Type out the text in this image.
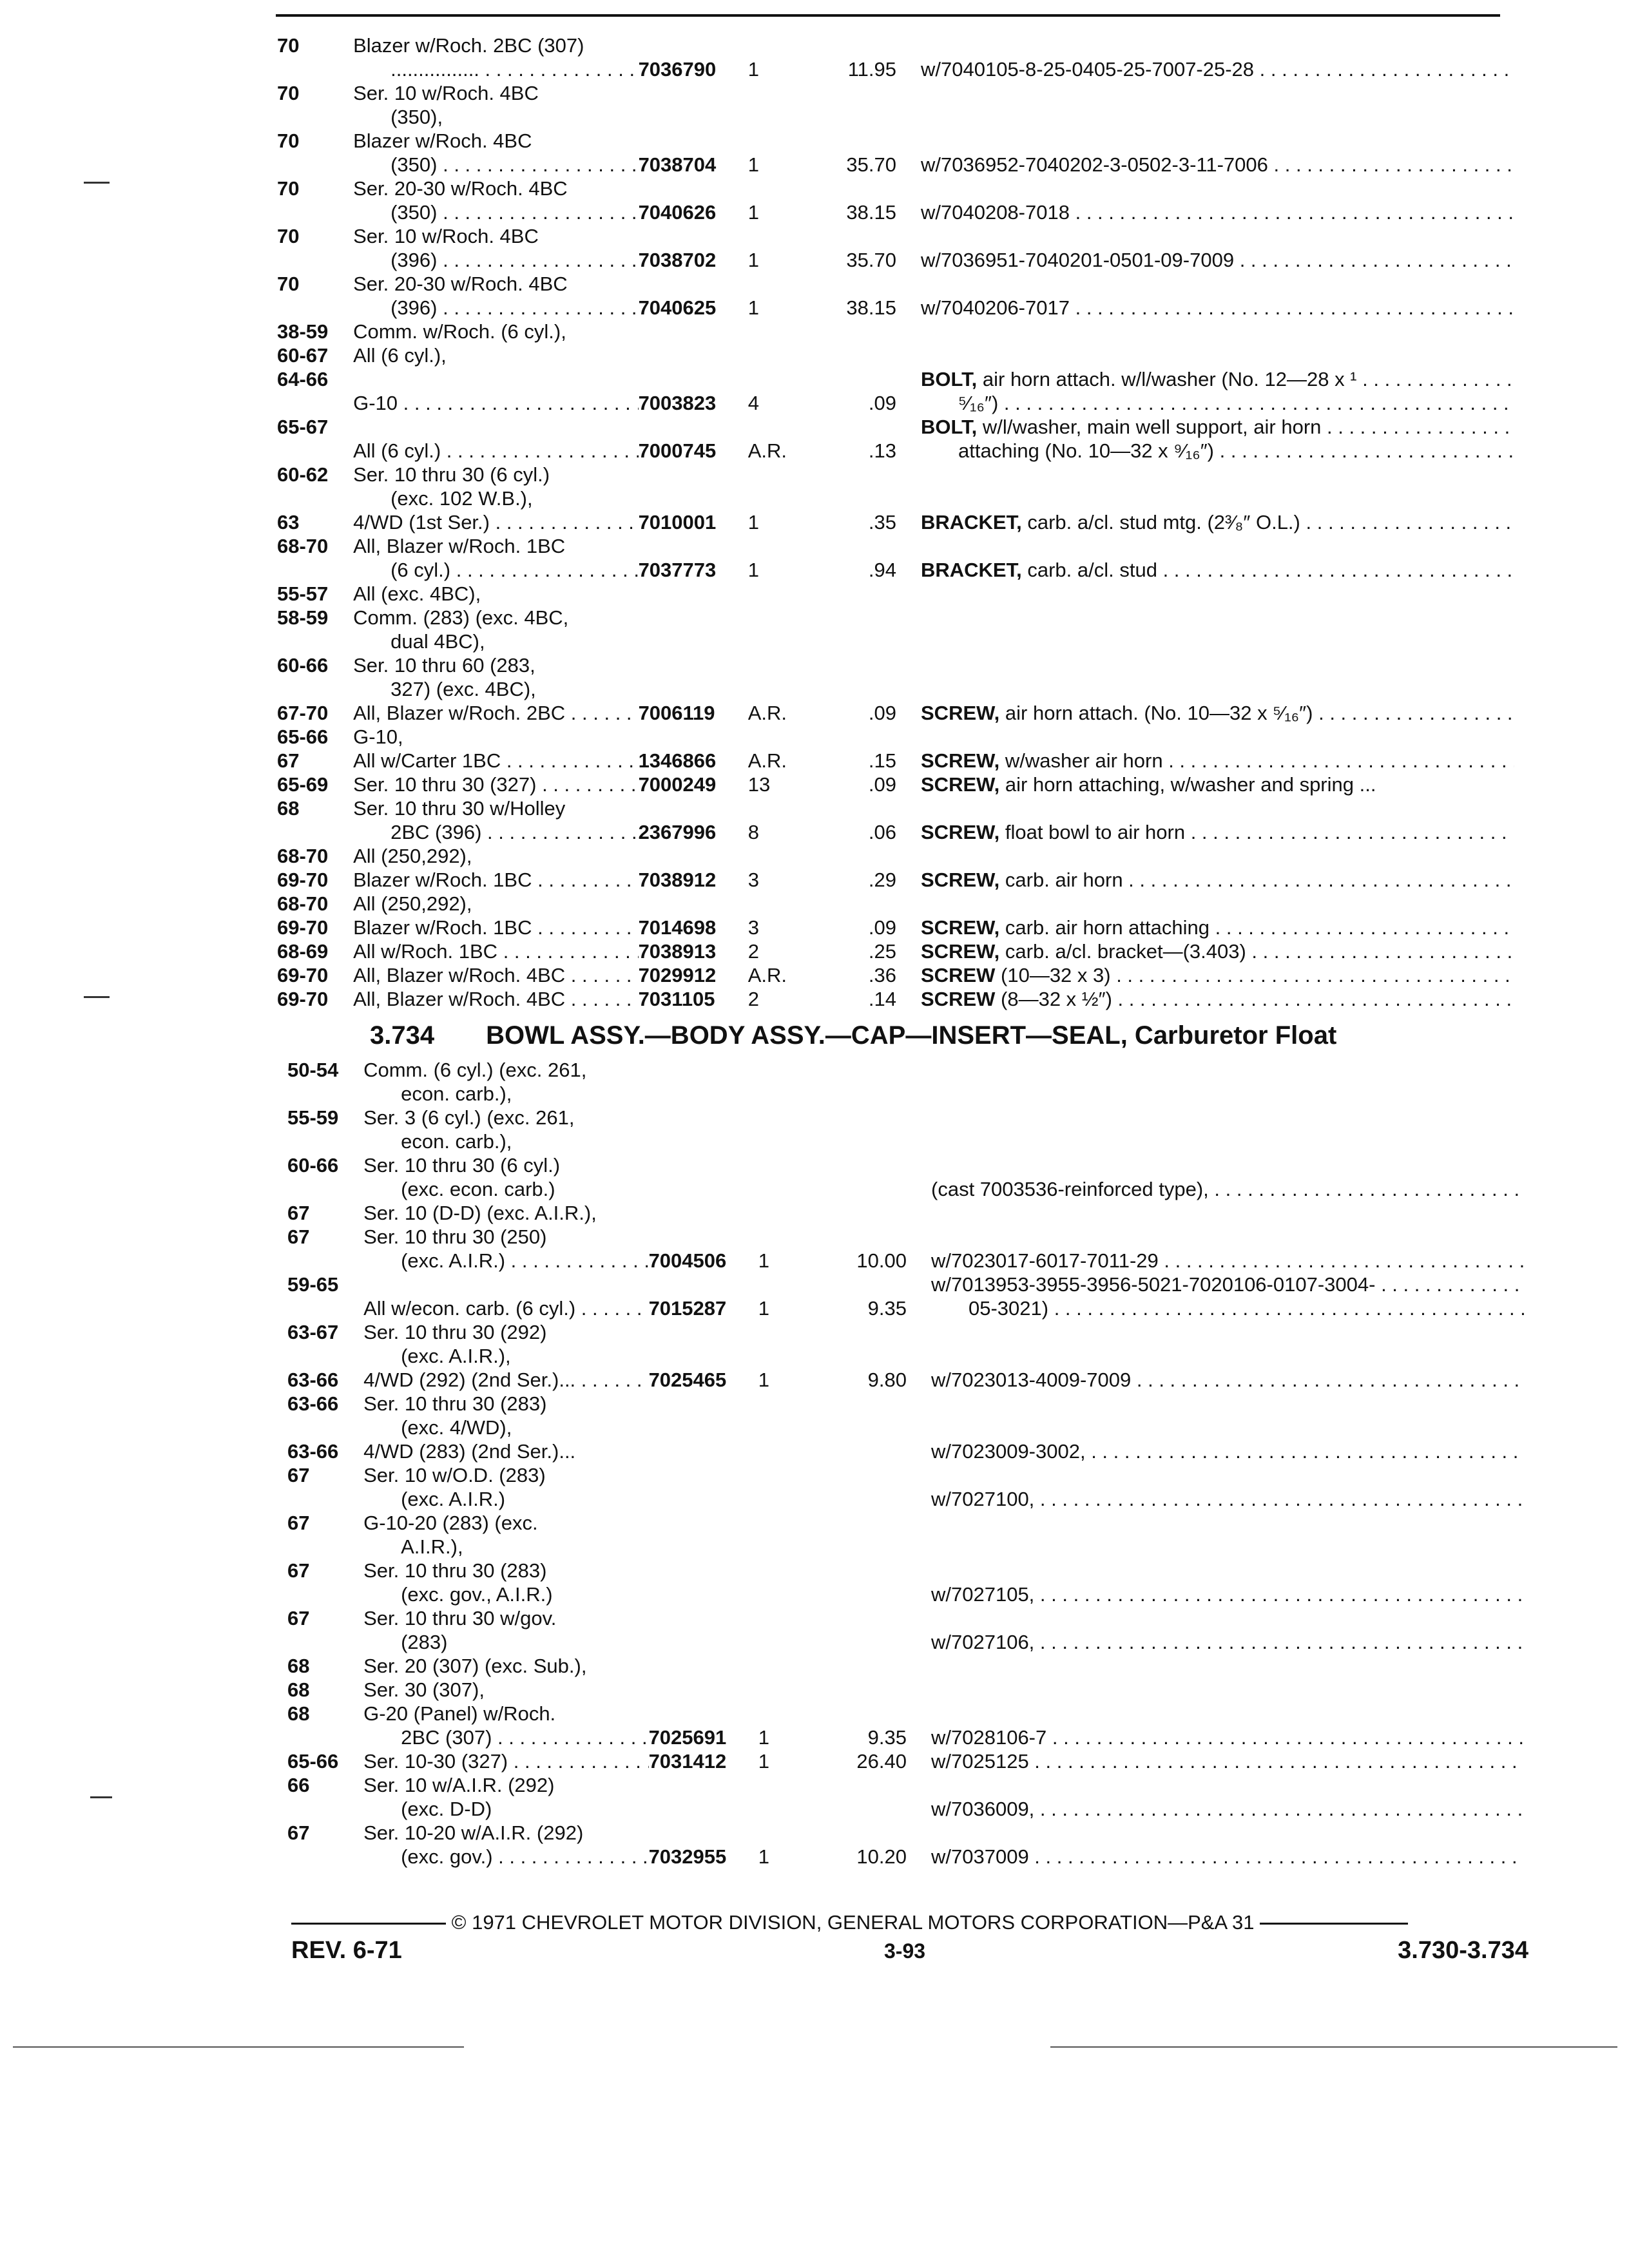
70	Blazer w/Roch. 2BC (307)
................ . . .	7036790	1	11.95	w/7040105-8-25-0405-25-7007-25-28 . . .

70	Ser. 10 w/Roch. 4BC
(350),				

70	Blazer w/Roch. 4BC
(350) . . .	7038704	1	35.70	w/7036952-7040202-3-0502-3-11-7006 . . .

70	Ser. 20-30 w/Roch. 4BC
(350) . . .	7040626	1	38.15	w/7040208-7018 . . .

70	Ser. 10 w/Roch. 4BC
(396) . . .	7038702	1	35.70	w/7036951-7040201-0501-09-7009 . . .

70	Ser. 20-30 w/Roch. 4BC
(396) . . .	7040625	1	38.15	w/7040206-7017 . . .

38-59	Comm. w/Roch. (6 cyl.),				

60-67	All (6 cyl.),				

64-66	G-10 . . .	7003823	4	.09	BOLT, air horn attach. w/l/washer (No. 12—28 x ¹ . . .
⁵⁄₁₆″) . . .

65-67	All (6 cyl.) . . .	7000745	A.R.	.13	BOLT, w/l/washer, main well support, air horn . . .
attaching (No. 10—32 x ⁹⁄₁₆″) . . .

60-62	Ser. 10 thru 30 (6 cyl.)
(exc. 102 W.B.),				

63	4/WD (1st Ser.) . . .	7010001	1	.35	BRACKET, carb. a/cl. stud mtg. (2³⁄₈″ O.L.) . . .

68-70	All, Blazer w/Roch. 1BC
(6 cyl.) . . .	7037773	1	.94	BRACKET, carb. a/cl. stud . . .

55-57	All (exc. 4BC),				

58-59	Comm. (283) (exc. 4BC,
dual 4BC),				

60-66	Ser. 10 thru 60 (283,
327) (exc. 4BC),				

67-70	All, Blazer w/Roch. 2BC . . . .	7006119	A.R.	.09	SCREW, air horn attach. (No. 10—32 x ⁵⁄₁₆″) . . .

65-66	G-10,				

67	All w/Carter 1BC . . .	1346866	A.R.	.15	SCREW, w/washer air horn . . .

65-69	Ser. 10 thru 30 (327) . . .	7000249	13	.09	SCREW, air horn attaching, w/washer and spring ...

68	Ser. 10 thru 30 w/Holley
2BC (396) . . .	2367996	8	.06	SCREW, float bowl to air horn . . .

68-70	All (250,292),				

69-70	Blazer w/Roch. 1BC . . .	7038912	3	.29	SCREW, carb. air horn . . .

68-70	All (250,292),				

69-70	Blazer w/Roch. 1BC . . .	7014698	3	.09	SCREW, carb. air horn attaching . . .

68-69	All w/Roch. 1BC . . .	7038913	2	.25	SCREW, carb. a/cl. bracket—(3.403) . . .

69-70	All, Blazer w/Roch. 4BC . . . .	7029912	A.R.	.36	SCREW (10—32 x 3) . . .

69-70	All, Blazer w/Roch. 4BC . . . .	7031105	2	.14	SCREW (8—32 x ½″) . . .
3.734 BOWL ASSY.—BODY ASSY.—CAP—INSERT—SEAL, Carburetor Float
50-54	Comm. (6 cyl.) (exc. 261,
econ. carb.),				

55-59	Ser. 3 (6 cyl.) (exc. 261,
econ. carb.),				

60-66	Ser. 10 thru 30 (6 cyl.)
(exc. econ. carb.)				(cast 7003536-reinforced type), . . .

67	Ser. 10 (D-D) (exc. A.I.R.),				

67	Ser. 10 thru 30 (250)
(exc. A.I.R.) . . .	7004506	1	10.00	w/7023017-6017-7011-29 . . .

59-65	All w/econ. carb. (6 cyl.) . . . .	7015287	1	9.35	w/7013953-3955-3956-5021-7020106-0107-3004- . . .
05-3021) . . .

63-67	Ser. 10 thru 30 (292)
(exc. A.I.R.),				

63-66	4/WD (292) (2nd Ser.)... . . .	7025465	1	9.80	w/7023013-4009-7009 . . .

63-66	Ser. 10 thru 30 (283)
(exc. 4/WD),				

63-66	4/WD (283) (2nd Ser.)...				w/7023009-3002, . . .

67	Ser. 10 w/O.D. (283)
(exc. A.I.R.)				w/7027100, . . .

67	G-10-20 (283) (exc.
A.I.R.),				

67	Ser. 10 thru 30 (283)
(exc. gov., A.I.R.)				w/7027105, . . .

67	Ser. 10 thru 30 w/gov.
(283)				w/7027106, . . .

68	Ser. 20 (307) (exc. Sub.),				

68	Ser. 30 (307),				

68	G-20 (Panel) w/Roch.
2BC (307) . . .	7025691	1	9.35	w/7028106-7 . . .

65-66	Ser. 10-30 (327) . . .	7031412	1	26.40	w/7025125 . . .

66	Ser. 10 w/A.I.R. (292)
(exc. D-D)				w/7036009, . . .

67	Ser. 10-20 w/A.I.R. (292)
(exc. gov.) . . .	7032955	1	10.20	w/7037009 . . .
© 1971 CHEVROLET MOTOR DIVISION, GENERAL MOTORS CORPORATION—P&A 31
REV. 6-71	3-93	3.730-3.734
